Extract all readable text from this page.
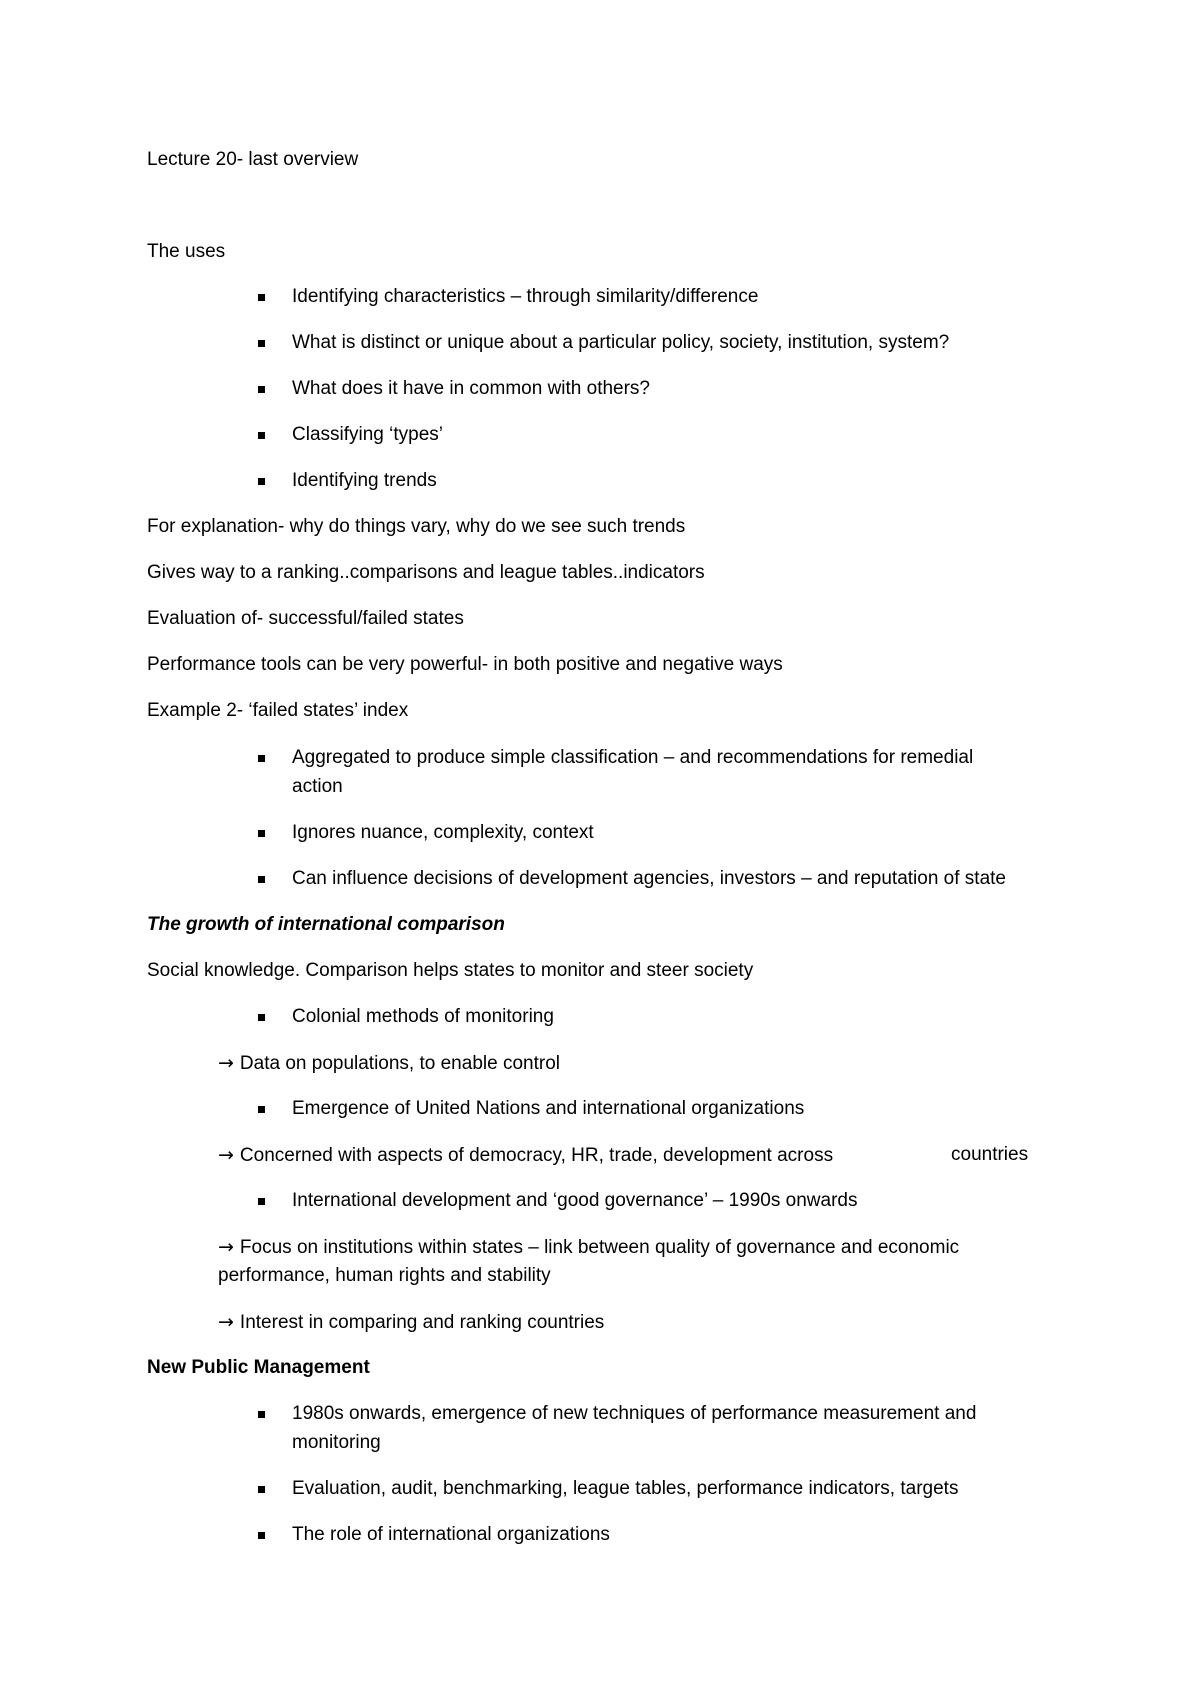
Lecture 20- last overview
The uses
Identifying characteristics – through similarity/difference
What is distinct or unique about a particular policy, society, institution, system?
What does it have in common with others?
Classifying ‘types’
Identifying trends
For explanation- why do things vary, why do we see such trends
Gives way to a ranking..comparisons and league tables..indicators
Evaluation of- successful/failed states
Performance tools can be very powerful- in both positive and negative ways
Example 2- ‘failed states’ index
Aggregated to produce simple classification – and recommendations for remedial
action
Ignores nuance, complexity, context
Can influence decisions of development agencies, investors – and reputation of state
The growth of international comparison
Social knowledge. Comparison helps states to monitor and steer society
Colonial methods of monitoring
→ Data on populations, to enable control
Emergence of United Nations and international organizations
→ Concerned with aspects of democracy, HR, trade, development across	countries
International development and ‘good governance’ – 1990s onwards
→ Focus on institutions within states – link between quality of governance and economic
performance, human rights and stability
→ Interest in comparing and ranking countries
New Public Management
1980s onwards, emergence of new techniques of performance measurement and
monitoring
Evaluation, audit, benchmarking, league tables, performance indicators, targets
The role of international organizations
